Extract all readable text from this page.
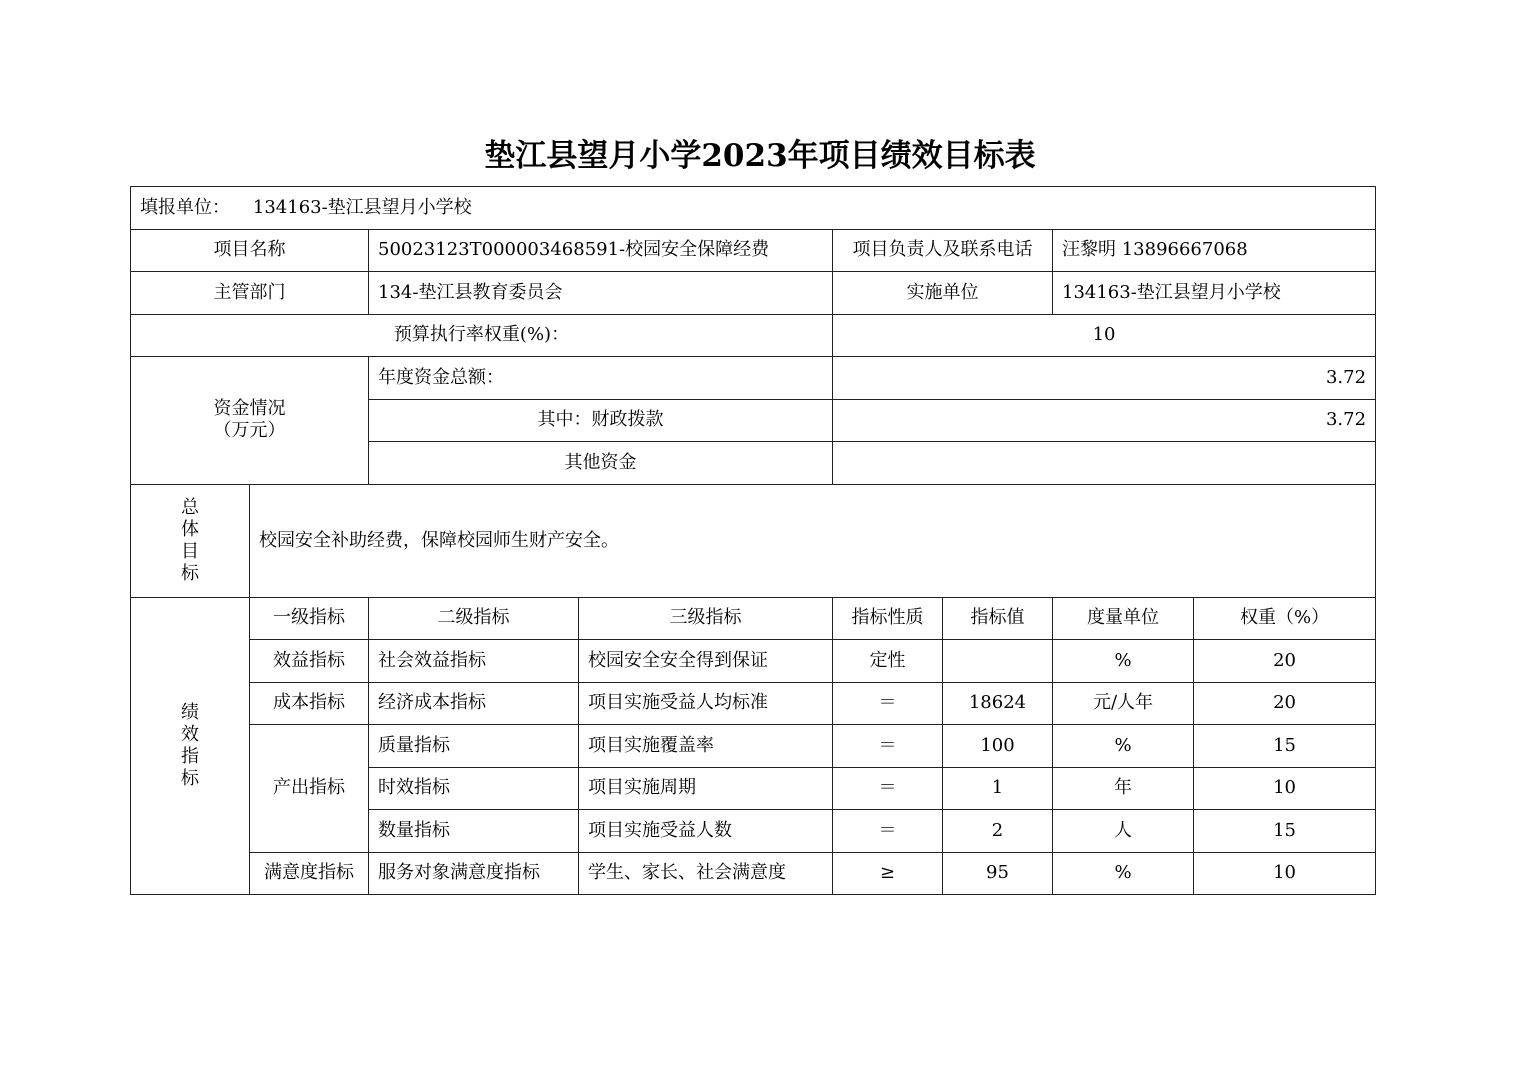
垫江县望月小学2023年项目绩效目标表
填报单位： 134163-垫江县望月小学校							
项目名称		50023123T000003468591-校园安全保障经费		项目负责人及联系电话		汪黎明 13896667068	
主管部门		134-垫江县教育委员会		实施单位		134163-垫江县望月小学校	
预算执行率权重(%)：				10			

资金情况
（万元）		年度资金总额：		3.72			
		其中：财政拨款		3.72			
		其他资金					

总
体
目
标	校园安全补助经费，保障校园师生财产安全。						

绩
效
指
标	一级指标	二级指标	三级指标	指标性质	指标值	度量单位	权重（%）
	效益指标	社会效益指标	校园安全安全得到保证	定性		%	20
	成本指标	经济成本指标	项目实施受益人均标准	＝	18624	元/人年	20
	产出指标	质量指标	项目实施覆盖率	＝	100	%	15
		时效指标	项目实施周期	＝	1	年	10
		数量指标	项目实施受益人数	＝	2	人	15
	满意度指标	服务对象满意度指标	学生、家长、社会满意度	≥	95	%	10
